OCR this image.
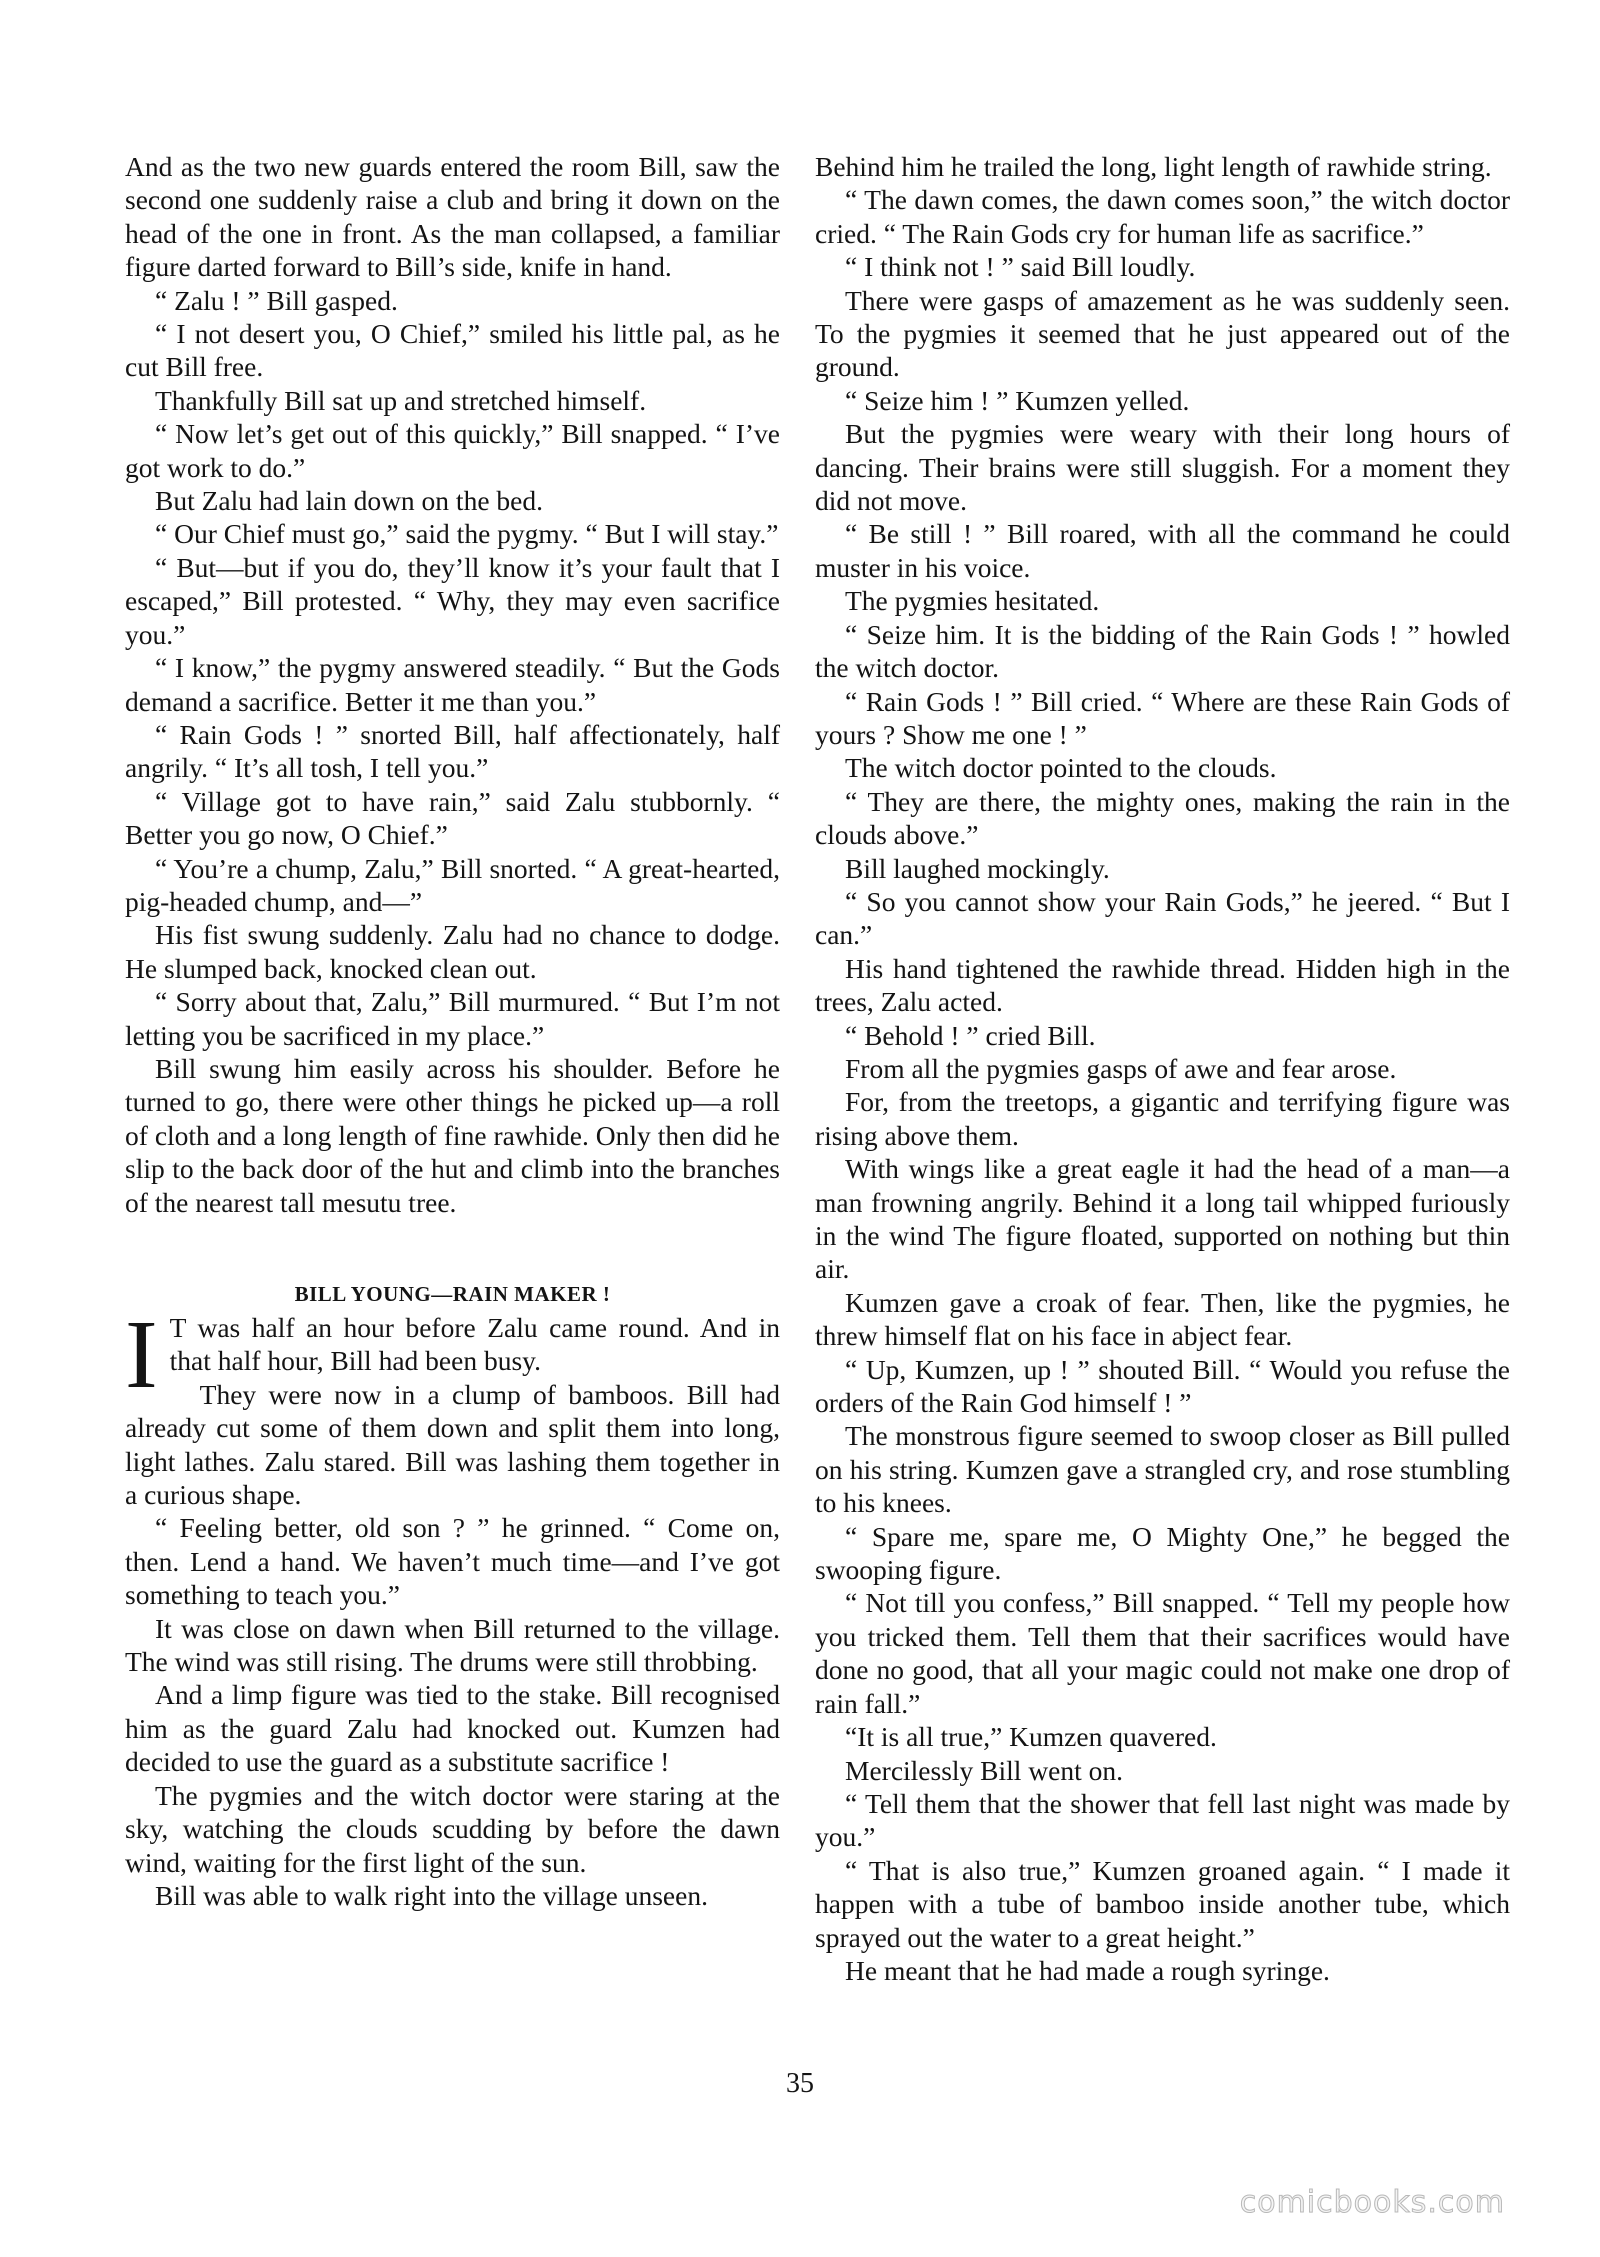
And as the two new guards entered the room Bill, saw the second one suddenly raise a club and bring it down on the head of the one in front. As the man collapsed, a familiar figure darted forward to Bill’s side, knife in hand.

“ Zalu ! ” Bill gasped.

“ I not desert you, O Chief,” smiled his little pal, as he cut Bill free.

Thankfully Bill sat up and stretched himself.

“ Now let’s get out of this quickly,” Bill snapped. “ I’ve got work to do.”

But Zalu had lain down on the bed.

“ Our Chief must go,” said the pygmy. “ But I will stay.”

“ But—but if you do, they’ll know it’s your fault that I escaped,” Bill protested. “ Why, they may even sacrifice you.”

“ I know,” the pygmy answered steadily. “ But the Gods demand a sacrifice. Better it me than you.”

“ Rain Gods ! ” snorted Bill, half affectionately, half angrily. “ It’s all tosh, I tell you.”

“ Village got to have rain,” said Zalu stubbornly. “ Better you go now, O Chief.”

“ You’re a chump, Zalu,” Bill snorted. “ A great-hearted, pig-headed chump, and—”

His fist swung suddenly. Zalu had no chance to dodge. He slumped back, knocked clean out.

“ Sorry about that, Zalu,” Bill murmured. “ But I’m not letting you be sacrificed in my place.”

Bill swung him easily across his shoulder. Before he turned to go, there were other things he picked up—a roll of cloth and a long length of fine rawhide. Only then did he slip to the back door of the hut and climb into the branches of the nearest tall mesutu tree.

BILL YOUNG—RAIN MAKER !

I T was half an hour before Zalu came round. And in that half hour, Bill had been busy.

They were now in a clump of bamboos. Bill had already cut some of them down and split them into long, light lathes. Zalu stared. Bill was lashing them together in a curious shape.

“ Feeling better, old son ? ” he grinned. “ Come on, then. Lend a hand. We haven’t much time—and I’ve got something to teach you.”

It was close on dawn when Bill returned to the village. The wind was still rising. The drums were still throbbing.

And a limp figure was tied to the stake. Bill recognised him as the guard Zalu had knocked out. Kumzen had decided to use the guard as a substitute sacrifice !

The pygmies and the witch doctor were staring at the sky, watching the clouds scudding by before the dawn wind, waiting for the first light of the sun.

Bill was able to walk right into the village unseen.

Behind him he trailed the long, light length of rawhide string.

“ The dawn comes, the dawn comes soon,” the witch doctor cried. “ The Rain Gods cry for human life as sacrifice.”

“ I think not ! ” said Bill loudly.

There were gasps of amazement as he was suddenly seen. To the pygmies it seemed that he just appeared out of the ground.

“ Seize him ! ” Kumzen yelled.

But the pygmies were weary with their long hours of dancing. Their brains were still sluggish. For a moment they did not move.

“ Be still ! ” Bill roared, with all the command he could muster in his voice.

The pygmies hesitated.

“ Seize him. It is the bidding of the Rain Gods ! ” howled the witch doctor.

“ Rain Gods ! ” Bill cried. “ Where are these Rain Gods of yours ? Show me one ! ”

The witch doctor pointed to the clouds.

“ They are there, the mighty ones, making the rain in the clouds above.”

Bill laughed mockingly.

“ So you cannot show your Rain Gods,” he jeered. “ But I can.”

His hand tightened the rawhide thread. Hidden high in the trees, Zalu acted.

“ Behold ! ” cried Bill.

From all the pygmies gasps of awe and fear arose.

For, from the treetops, a gigantic and terrifying figure was rising above them.

With wings like a great eagle it had the head of a man—a man frowning angrily. Behind it a long tail whipped furiously in the wind The figure floated, supported on nothing but thin air.

Kumzen gave a croak of fear. Then, like the pygmies, he threw himself flat on his face in abject fear.

“ Up, Kumzen, up ! ” shouted Bill. “ Would you refuse the orders of the Rain God himself ! ”

The monstrous figure seemed to swoop closer as Bill pulled on his string. Kumzen gave a strangled cry, and rose stumbling to his knees.

“ Spare me, spare me, O Mighty One,” he begged the swooping figure.

“ Not till you confess,” Bill snapped. “ Tell my people how you tricked them. Tell them that their sacrifices would have done no good, that all your magic could not make one drop of rain fall.”

“It is all true,” Kumzen quavered.

Mercilessly Bill went on.

“ Tell them that the shower that fell last night was made by you.”

“ That is also true,” Kumzen groaned again. “ I made it happen with a tube of bamboo inside another tube, which sprayed out the water to a great height.”

He meant that he had made a rough syringe.

35
comicbooks.com
